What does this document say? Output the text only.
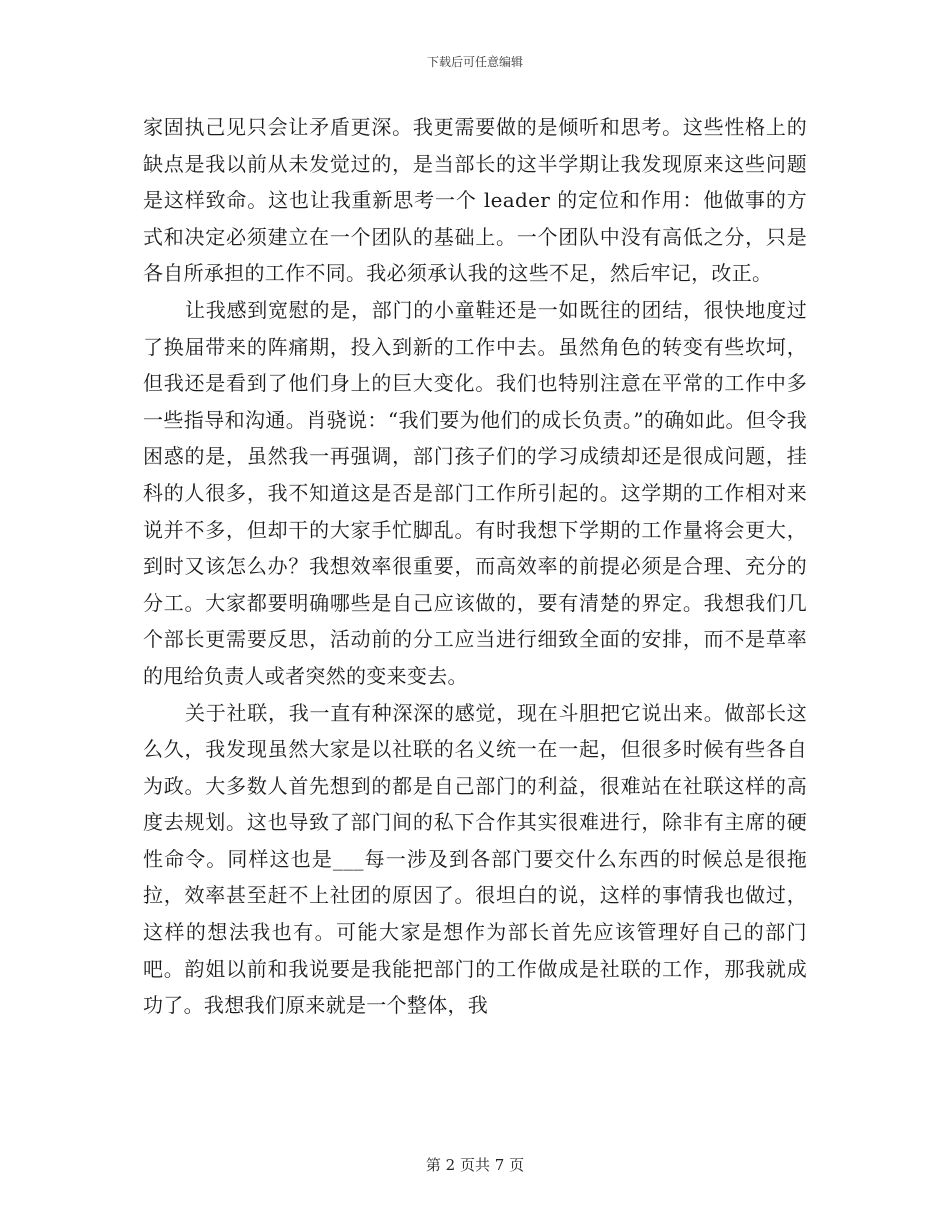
下载后可任意编辑

家固执己见只会让矛盾更深。我更需要做的是倾听和思考。这些性格上的缺点是我以前从未发觉过的，是当部长的这半学期让我发现原来这些问题是这样致命。这也让我重新思考一个 leader 的定位和作用：他做事的方式和决定必须建立在一个团队的基础上。一个团队中没有高低之分，只是各自所承担的工作不同。我必须承认我的这些不足，然后牢记，改正。

让我感到宽慰的是，部门的小童鞋还是一如既往的团结，很快地度过了换届带来的阵痛期，投入到新的工作中去。虽然角色的转变有些坎坷，但我还是看到了他们身上的巨大变化。我们也特别注意在平常的工作中多一些指导和沟通。肖骁说：“我们要为他们的成长负责。”的确如此。但令我困惑的是，虽然我一再强调，部门孩子们的学习成绩却还是很成问题，挂科的人很多，我不知道这是否是部门工作所引起的。这学期的工作相对来说并不多，但却干的大家手忙脚乱。有时我想下学期的工作量将会更大，到时又该怎么办？我想效率很重要，而高效率的前提必须是合理、充分的分工。大家都要明确哪些是自己应该做的，要有清楚的界定。我想我们几个部长更需要反思，活动前的分工应当进行细致全面的安排，而不是草率的甩给负责人或者突然的变来变去。

关于社联，我一直有种深深的感觉，现在斗胆把它说出来。做部长这么久，我发现虽然大家是以社联的名义统一在一起，但很多时候有些各自为政。大多数人首先想到的都是自己部门的利益，很难站在社联这样的高度去规划。这也导致了部门间的私下合作其实很难进行，除非有主席的硬性命令。同样这也是___每一涉及到各部门要交什么东西的时候总是很拖拉，效率甚至赶不上社团的原因了。很坦白的说，这样的事情我也做过，这样的想法我也有。可能大家是想作为部长首先应该管理好自己的部门吧。韵姐以前和我说要是我能把部门的工作做成是社联的工作，那我就成功了。我想我们原来就是一个整体，我

第 2 页共 7 页
